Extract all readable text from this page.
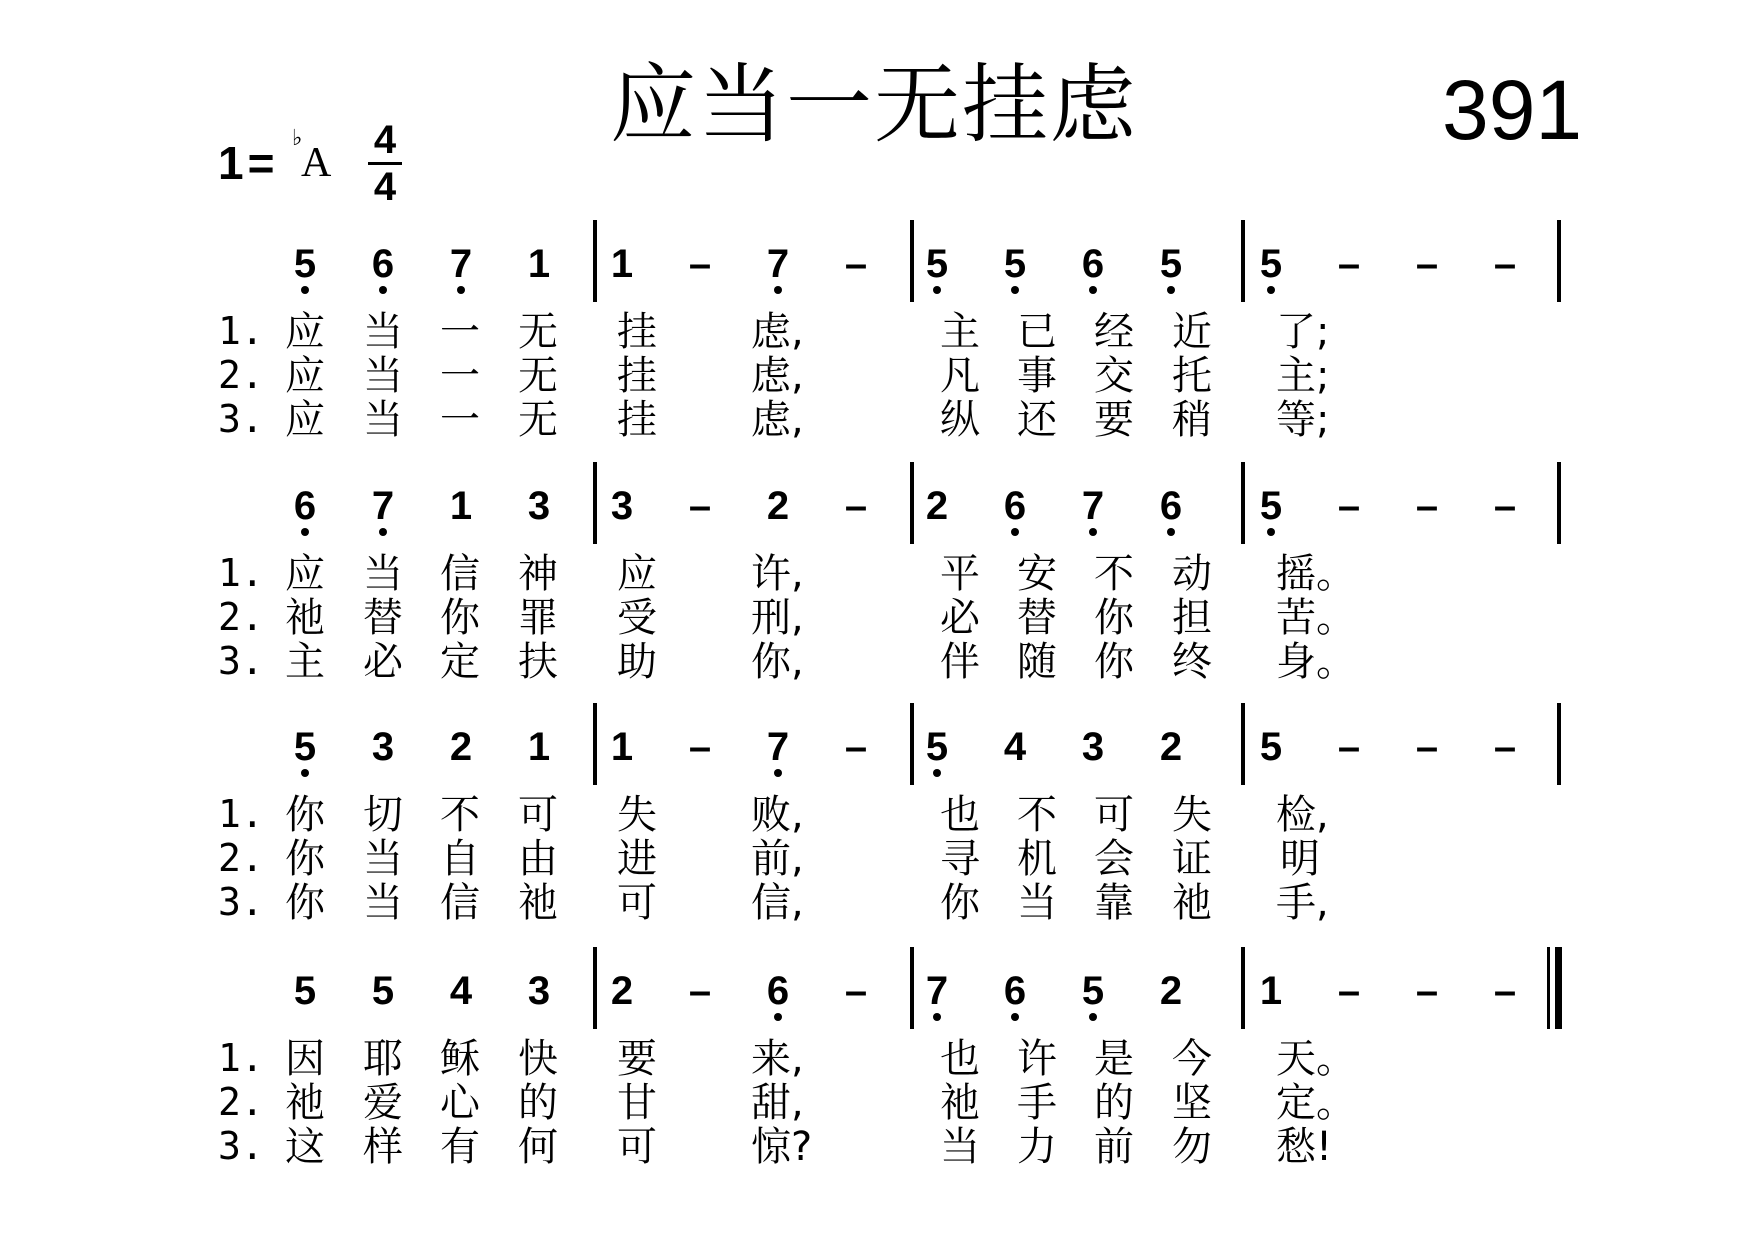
1= ♭
A 4
4
应当一无挂虑	391
5 6 7 1 1 – 7 – 5 5 6 5 5 – – –
1. 应 当 一 无 挂 虑,	主 已 经 近 了;
2. 应 当 一 无 挂 虑,	凡 事 交 托 主;
3. 应 当 一 无 挂 虑,	纵 还 要 稍 等;
6 7 1 3 3 – 2 – 2 6 7 6 5 – – –
1. 应 当 信 神 应 许,	平 安 不 动 摇。
2. 祂 替 你 罪 受 刑,	必 替 你 担 苦。
3. 主 必 定 扶 助 你,	伴 随 你 终 身。
5 3 2 1 1 – 7 – 5 4 3 2 5 – – –
1. 你 切 不 可 失 败,	也 不 可 失 检,
2. 你 当 自 由 进 前,	寻 机 会 证 明
3. 你 当 信 祂 可 信,	你 当 靠 祂 手,
5 5 4 3 2 – 6 – 7 6 5 2 1 – – –
1. 因 耶 稣 快 要 来,	也 许 是 今 天。
2. 祂 爱 心 的 甘 甜,	祂 手 的 坚 定。
3. 这 样 有 何 可 惊?	当 力 前 勿 愁!
